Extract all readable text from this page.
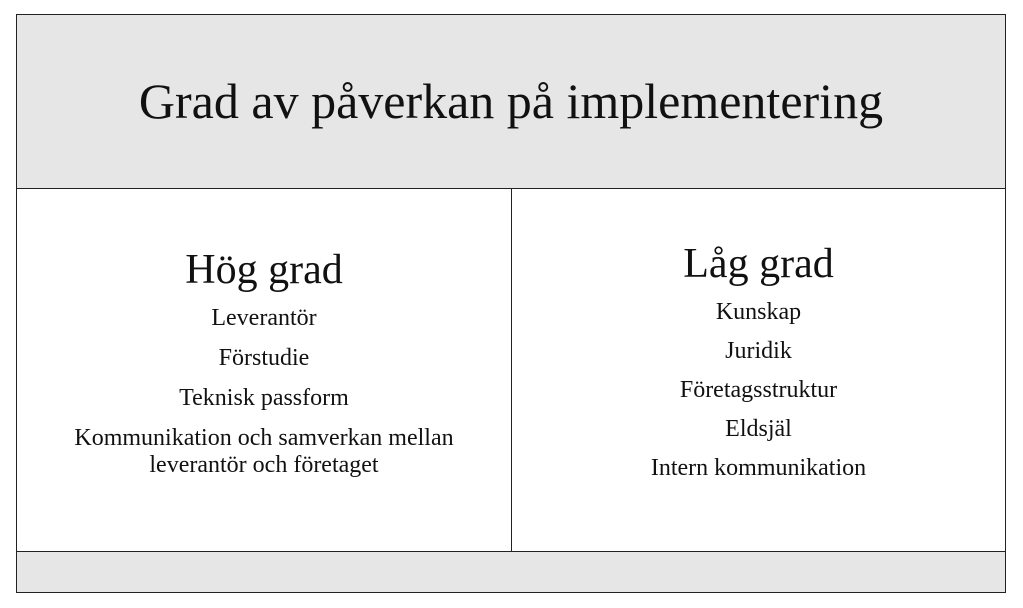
Grad av påverkan på implementering
Hög grad
Leverantör
Förstudie
Teknisk passform
Kommunikation och samverkan mellan leverantör och företaget
Låg grad
Kunskap
Juridik
Företagsstruktur
Eldsjäl
Intern kommunikation
